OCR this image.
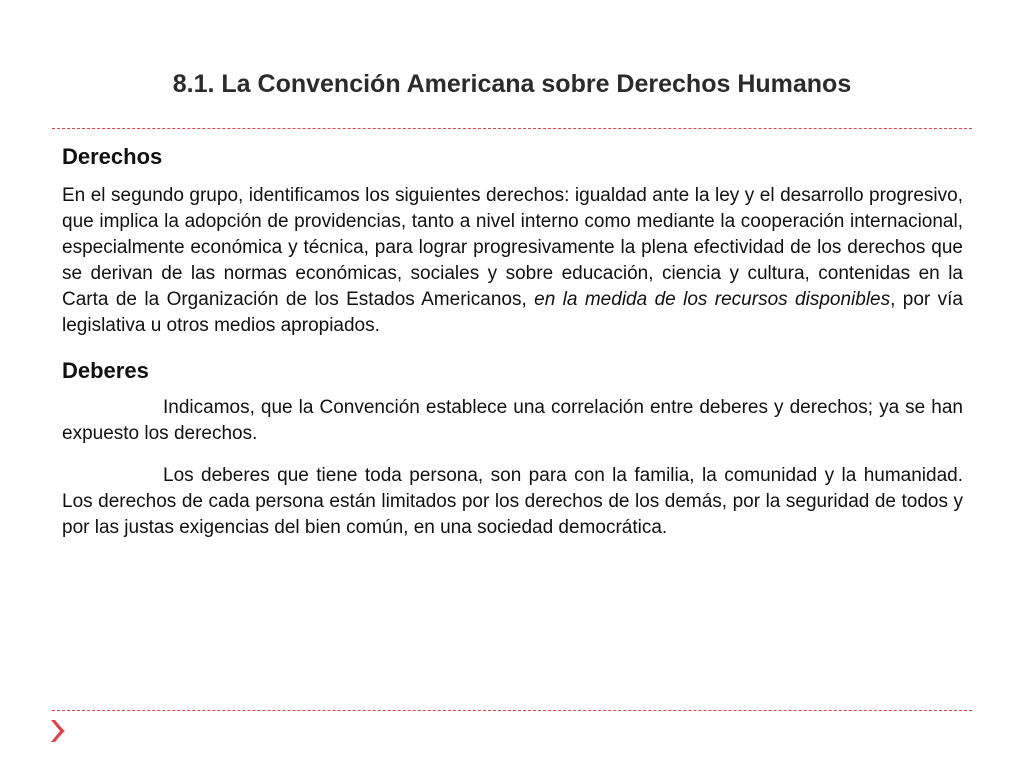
8.1. La Convención Americana sobre Derechos Humanos
Derechos

En el segundo grupo, identificamos los siguientes derechos: igualdad ante la ley y el desarrollo progresivo, que implica la adopción de providencias, tanto a nivel interno como mediante la cooperación internacional, especialmente económica y técnica, para lograr progresivamente la plena efectividad de los derechos que se derivan de las normas económicas, sociales y sobre educación, ciencia y cultura, contenidas en la Carta de la Organización de los Estados Americanos, en la medida de los recursos disponibles, por vía legislativa u otros medios apropiados.

Deberes

Indicamos, que la Convención establece una correlación entre deberes y derechos; ya se han expuesto los derechos.

Los deberes que tiene toda persona, son para con la familia, la comunidad y la humanidad. Los derechos de cada persona están limitados por los derechos de los demás, por la seguridad de todos y por las justas exigencias del bien común, en una sociedad democrática.
